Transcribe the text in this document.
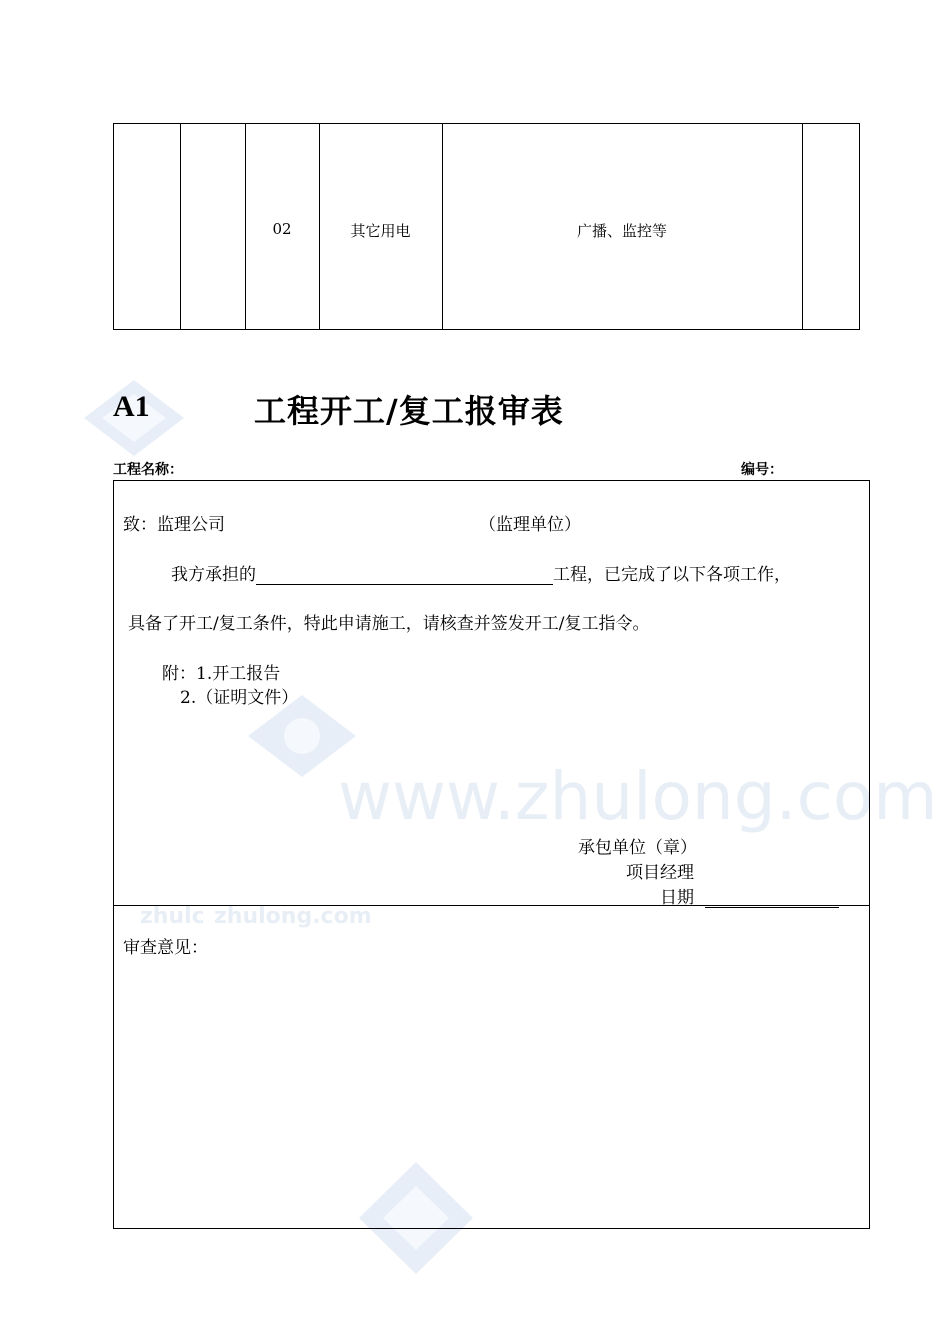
www.zhulong.com
zhulc zhulong.com
02	其它用电	广播、监控等
A1	工程开工/复工报审表
工程名称：	编号：
致：监理公司	（监理单位）
我方承担的	工程，已完成了以下各项工作，
具备了开工/复工条件，特此申请施工，请核查并签发开工/复工指令。
附：1.开工报告
2.（证明文件）
承包单位（章）
项目经理
日期
审查意见：
